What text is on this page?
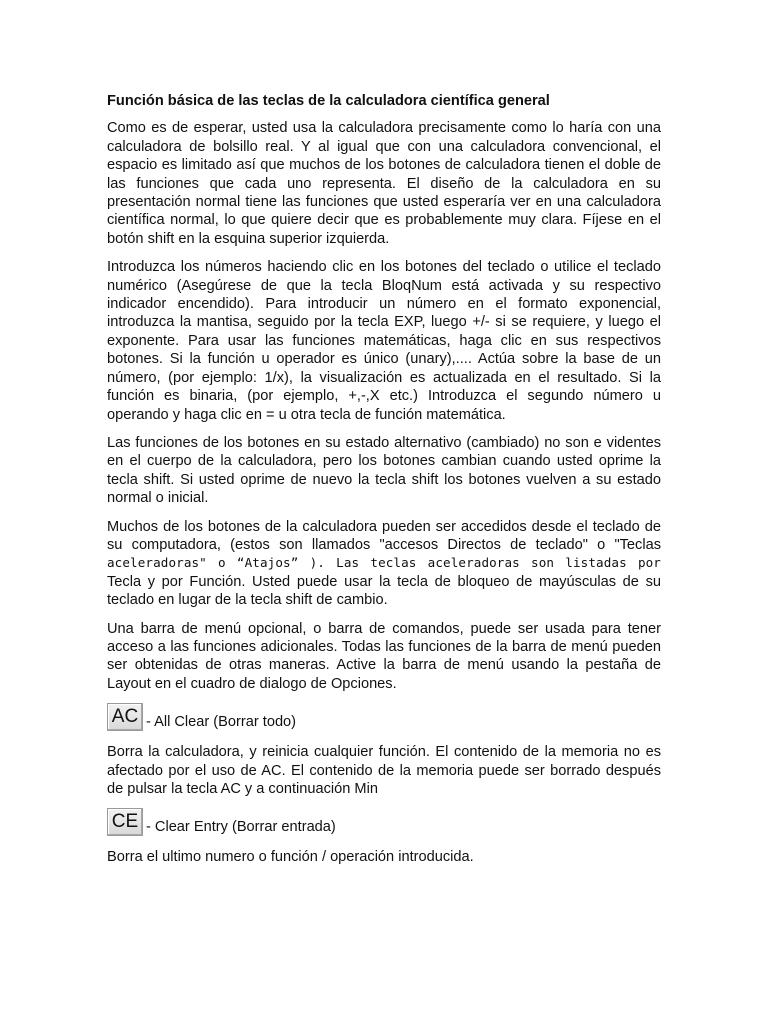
Función básica de las teclas de la calculadora científica general

Como es de esperar, usted usa la calculadora precisamente como lo haría con una calculadora de bolsillo real. Y al igual que con una calculadora convencional, el espacio es limitado así que muchos de los botones de calculadora tienen el doble de las funciones que cada uno representa. El diseño de la calculadora en su presentación normal tiene las funciones que usted esperaría ver en una calculadora científica normal, lo que quiere decir que es probablemente muy clara. Fíjese en el botón shift en la esquina superior izquierda.

Introduzca los números haciendo clic en los botones del teclado o utilice el teclado numérico (Asegúrese de que la tecla BloqNum está activada y su respectivo indicador encendido). Para introducir un número en el formato exponencial, introduzca la mantisa, seguido por la tecla EXP, luego +/- si se requiere, y luego el exponente. Para usar las funciones matemáticas, haga clic en sus respectivos botones. Si la función u operador es único (unary),.... Actúa sobre la base de un número, (por ejemplo: 1/x), la visualización es actualizada en el resultado. Si la función es binaria, (por ejemplo, +,-,X etc.) Introduzca el segundo número u operando y haga clic en = u otra tecla de función matemática.

Las funciones de los botones en su estado alternativo (cambiado) no son e videntes en el cuerpo de la calculadora, pero los botones cambian cuando usted oprime la tecla shift. Si usted oprime de nuevo la tecla shift los botones vuelven a su estado normal o inicial.

Muchos de los botones de la calculadora pueden ser accedidos desde el teclado de su computadora, (estos son llamados "accesos Directos de teclado" o "Teclas aceleradoras" o “Atajos” ). Las teclas aceleradoras son listadas por Tecla y por Función. Usted puede usar la tecla de bloqueo de mayúsculas de su teclado en lugar de la tecla shift de cambio.

Una barra de menú opcional, o barra de comandos, puede ser usada para tener acceso a las funciones adicionales. Todas las funciones de la barra de menú pueden ser obtenidas de otras maneras. Active la barra de menú usando la pestaña de Layout en el cuadro de dialogo de Opciones.

AC - All Clear (Borrar todo)

Borra la calculadora, y reinicia cualquier función. El contenido de la memoria no es afectado por el uso de AC. El contenido de la memoria puede ser borrado después de pulsar la tecla AC y a continuación Min

CE - Clear Entry (Borrar entrada)

Borra el ultimo numero o función / operación introducida.
